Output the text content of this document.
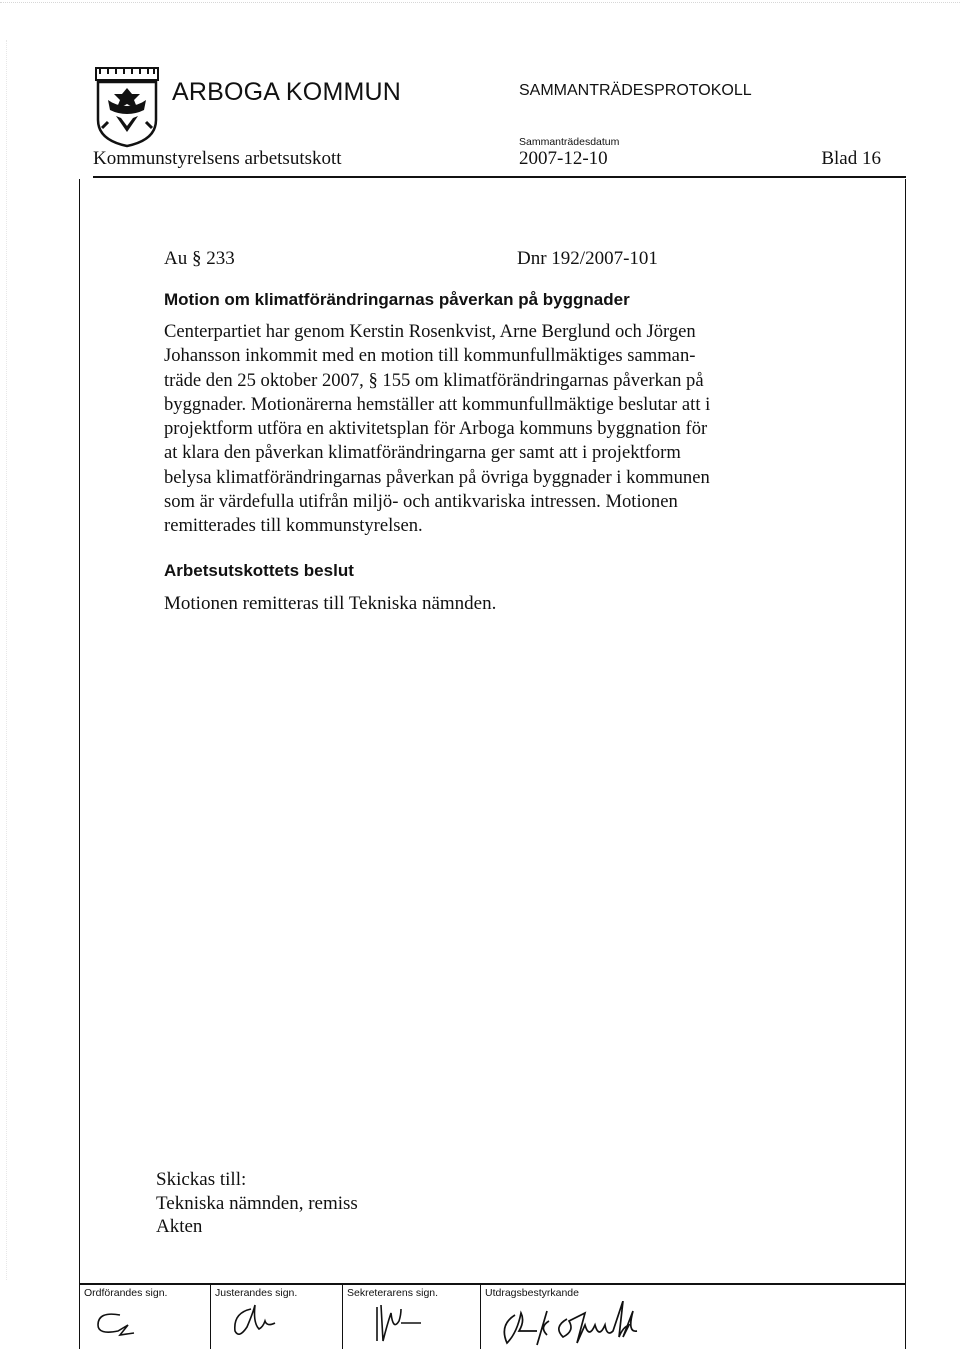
ARBOGA KOMMUN	SAMMANTRÄDESPROTOKOLL
Sammanträdesdatum
Kommunstyrelsens arbetsutskott	2007-12-10	Blad 16
Au § 233	Dnr 192/2007-101
Motion om klimatförändringarnas påverkan på byggnader

Centerpartiet har genom Kerstin Rosenkvist, Arne Berglund och Jörgen
Johansson inkommit med en motion till kommunfullmäktiges samman-
träde den 25 oktober 2007, § 155 om klimatförändringarnas påverkan på
byggnader. Motionärerna hemställer att kommunfullmäktige beslutar att i
projektform utföra en aktivitetsplan för Arboga kommuns byggnation för
at klara den påverkan klimatförändringarna ger samt att i projektform
belysa klimatförändringarnas påverkan på övriga byggnader i kommunen
som är värdefulla utifrån miljö- och antikvariska intressen. Motionen
remitterades till kommunstyrelsen.

Arbetsutskottets beslut
Motionen remitteras till Tekniska nämnden.
Skickas till:
Tekniska nämnden, remiss
Akten
Ordförandes sign.	Justerandes sign.	Sekreterarens sign.	Utdragsbestyrkande
